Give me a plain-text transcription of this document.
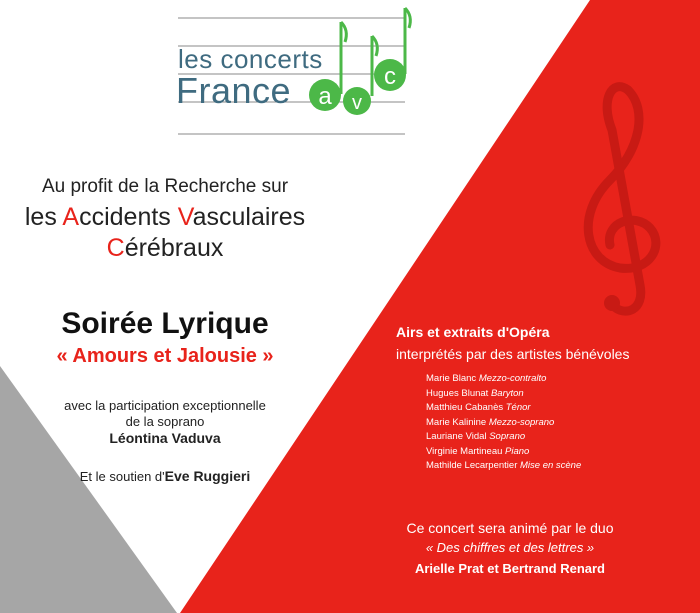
a v
c
les concerts
France
Au profit de la Recherche sur
les Accidents Vasculaires
Cérébraux
Soirée Lyrique
« Amours et Jalousie »
avec la participation exceptionnelle
de la soprano
Léontina Vaduva
Et le soutien d'Eve Ruggieri
Airs et extraits d'Opéra
interprétés par des artistes bénévoles
Marie Blanc Mezzo-contralto
Hugues Blunat Baryton
Matthieu Cabanès Ténor
Marie Kalinine Mezzo-soprano
Lauriane Vidal Soprano
Virginie Martineau Piano
Mathilde Lecarpentier Mise en scène
Ce concert sera animé par le duo
« Des chiffres et des lettres »
Arielle Prat et Bertrand Renard
